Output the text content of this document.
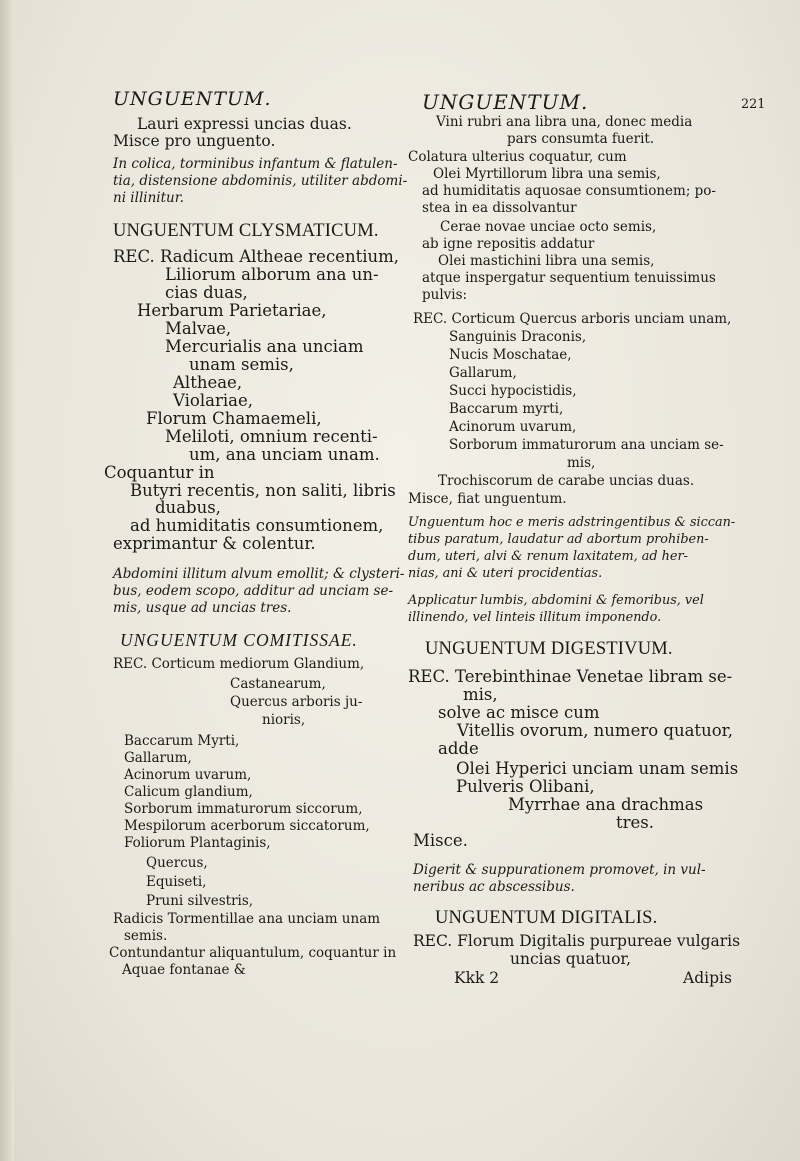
UNGUENTUM.	UNGUENTUM.	221
Lauri expressi uncias duas.
Misce pro unguento.
In colica, torminibus infantum & flatulen-
tia, distensione abdominis, utiliter abdomi-
ni illinitur.
UNGUENTUM CLYSMATICUM.
REC. Radicum Altheae recentium,
Liliorum alborum ana un-
cias duas,
Herbarum Parietariae,
Malvae,
Mercurialis ana unciam
unam semis,
Altheae,
Violariae,
Florum Chamaemeli,
Meliloti, omnium recenti-
um, ana unciam unam.
Coquantur in
Butyri recentis, non saliti, libris
duabus,
ad humiditatis consumtionem,
exprimantur & colentur.
Abdomini illitum alvum emollit; & clysteri-
bus, eodem scopo, additur ad unciam se-
mis, usque ad uncias tres.
UNGUENTUM COMITISSAE.
REC. Corticum mediorum Glandium,
Castanearum,
Quercus arboris ju-
nioris,
Baccarum Myrti,
Gallarum,
Acinorum uvarum,
Calicum glandium,
Sorborum immaturorum siccorum,
Mespilorum acerborum siccatorum,
Foliorum Plantaginis,
Quercus,
Equiseti,
Pruni silvestris,
Radicis Tormentillae ana unciam unam
semis.
Contundantur aliquantulum, coquantur in
Aquae fontanae &
Vini rubri ana libra una, donec media
pars consumta fuerit.
Colatura ulterius coquatur, cum
Olei Myrtillorum libra una semis,
ad humiditatis aquosae consumtionem; po-
stea in ea dissolvantur
Cerae novae unciae octo semis,
ab igne repositis addatur
Olei mastichini libra una semis,
atque inspergatur sequentium tenuissimus
pulvis:
REC. Corticum Quercus arboris unciam unam,
Sanguinis Draconis,
Nucis Moschatae,
Gallarum,
Succi hypocistidis,
Baccarum myrti,
Acinorum uvarum,
Sorborum immaturorum ana unciam se-
mis,
Trochiscorum de carabe uncias duas.
Misce, fiat unguentum.
Unguentum hoc e meris adstringentibus & siccan-
tibus paratum, laudatur ad abortum prohiben-
dum, uteri, alvi & renum laxitatem, ad her-
nias, ani & uteri procidentias.
Applicatur lumbis, abdomini & femoribus, vel
illinendo, vel linteis illitum imponendo.
UNGUENTUM DIGESTIVUM.
REC. Terebinthinae Venetae libram se-
mis,
solve ac misce cum
Vitellis ovorum, numero quatuor,
adde
Olei Hyperici unciam unam semis
Pulveris Olibani,
Myrrhae ana drachmas
tres.
Misce.
Digerit & suppurationem promovet, in vul-
neribus ac abscessibus.
UNGUENTUM DIGITALIS.
REC. Florum Digitalis purpureae vulgaris
uncias quatuor,
Kkk 2	Adipis
